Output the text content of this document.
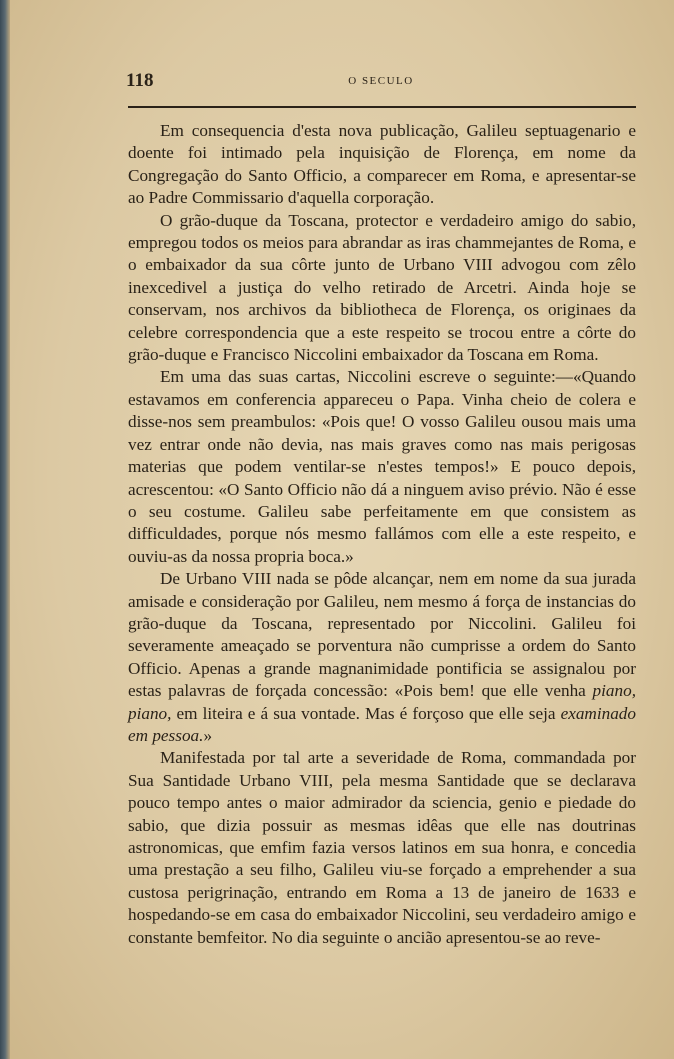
118	O SECULO

Em consequencia d'esta nova publicação, Galileu septuagenario e doente foi intimado pela inquisição de Florença, em nome da Congregação do Santo Officio, a comparecer em Roma, e apresentar-se ao Padre Commissario d'aquella corporação.

O grão-duque da Toscana, protector e verdadeiro amigo do sabio, empregou todos os meios para abrandar as iras chammejantes de Roma, e o embaixador da sua côrte junto de Urbano VIII advogou com zêlo inexcedivel a justiça do velho retirado de Arcetri. Ainda hoje se conservam, nos archivos da bibliotheca de Florença, os originaes da celebre correspondencia que a este respeito se trocou entre a côrte do grão-duque e Francisco Niccolini embaixador da Toscana em Roma.

Em uma das suas cartas, Niccolini escreve o seguinte:—«Quando estavamos em conferencia appareceu o Papa. Vinha cheio de colera e disse-nos sem preambulos: «Pois que! O vosso Galileu ousou mais uma vez entrar onde não devia, nas mais graves como nas mais perigosas materias que podem ventilar-se n'estes tempos!» E pouco depois, acrescentou: «O Santo Officio não dá a ninguem aviso prévio. Não é esse o seu costume. Galileu sabe perfeitamente em que consistem as difficuldades, porque nós mesmo fallámos com elle a este respeito, e ouviu-as da nossa propria boca.»

De Urbano VIII nada se pôde alcançar, nem em nome da sua jurada amisade e consideração por Galileu, nem mesmo á força de instancias do grão-duque da Toscana, representado por Niccolini. Galileu foi severamente ameaçado se porventura não cumprisse a ordem do Santo Officio. Apenas a grande magnanimidade pontificia se assignalou por estas palavras de forçada concessão: «Pois bem! que elle venha piano, piano, em liteira e á sua vontade. Mas é forçoso que elle seja examinado em pessoa.»

Manifestada por tal arte a severidade de Roma, commandada por Sua Santidade Urbano VIII, pela mesma Santidade que se declarava pouco tempo antes o maior admirador da sciencia, genio e piedade do sabio, que dizia possuir as mesmas idêas que elle nas doutrinas astronomicas, que emfim fazia versos latinos em sua honra, e concedia uma prestação a seu filho, Galileu viu-se forçado a emprehender a sua custosa perigrinação, entrando em Roma a 13 de janeiro de 1633 e hospedando-se em casa do embaixador Niccolini, seu verdadeiro amigo e constante bemfeitor. No dia seguinte o ancião apresentou-se ao reve-
